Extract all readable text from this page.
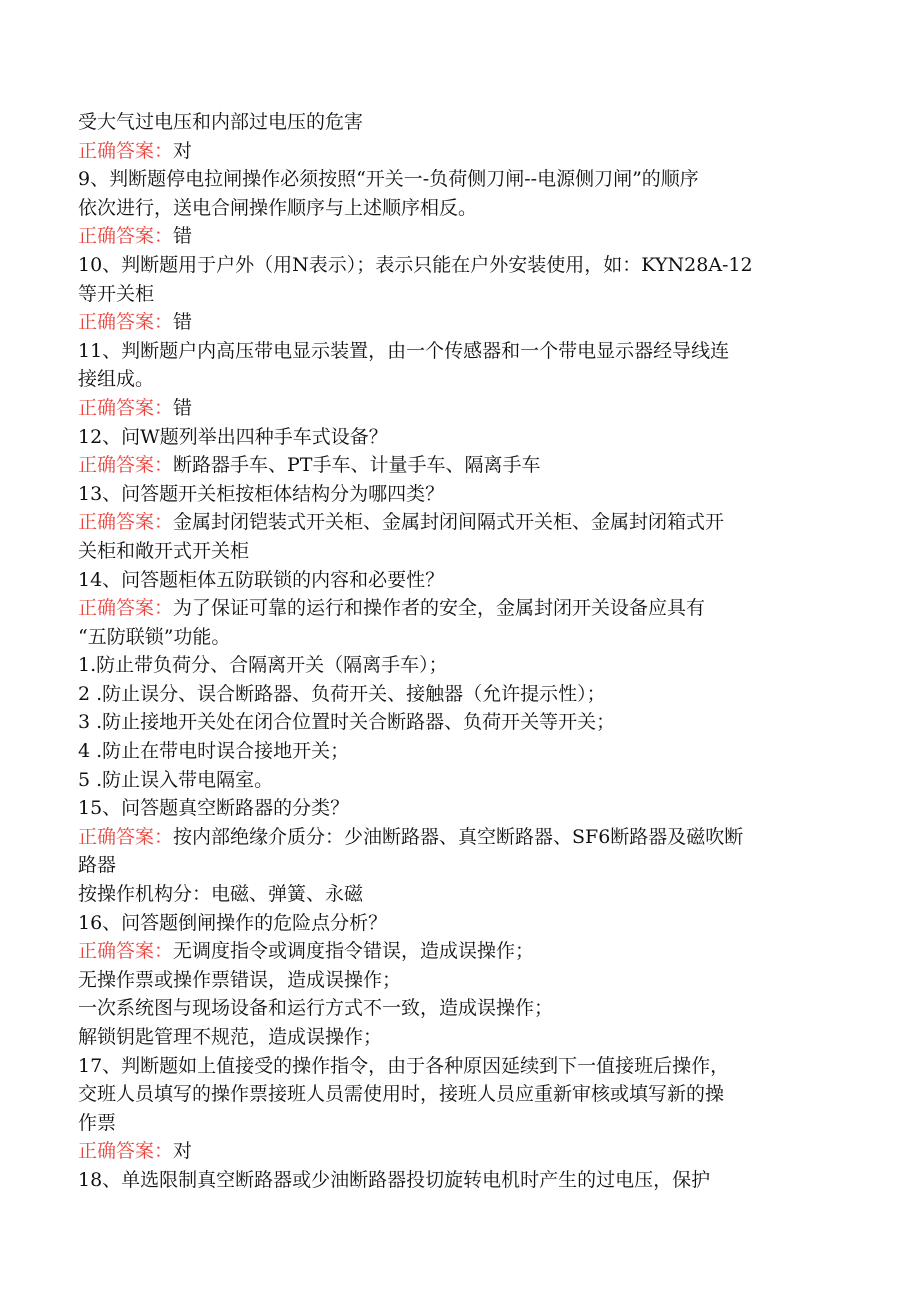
受大气过电压和内部过电压的危害
正确答案：对
9、判断题停电拉闸操作必须按照“开关一-负荷侧刀闸--电源侧刀闸”的顺序
依次进行，送电合闸操作顺序与上述顺序相反。
正确答案：错
10、判断题用于户外（用N表示）；表示只能在户外安装使用，如：KYN28A-12
等开关柜
正确答案：错
11、判断题户内高压带电显示装置，由一个传感器和一个带电显示器经导线连
接组成。
正确答案：错
12、问W题列举出四种手车式设备？
正确答案：断路器手车、PT手车、计量手车、隔离手车
13、问答题开关柜按柜体结构分为哪四类？
正确答案：金属封闭铠装式开关柜、金属封闭间隔式开关柜、金属封闭箱式开
关柜和敞开式开关柜
14、问答题柜体五防联锁的内容和必要性？
正确答案：为了保证可靠的运行和操作者的安全，金属封闭开关设备应具有
“五防联锁”功能。
1.防止带负荷分、合隔离开关（隔离手车）；
2 .防止误分、误合断路器、负荷开关、接触器（允许提示性）；
3 .防止接地开关处在闭合位置时关合断路器、负荷开关等开关；
4 .防止在带电时误合接地开关；
5 .防止误入带电隔室。
15、问答题真空断路器的分类？
正确答案：按内部绝缘介质分：少油断路器、真空断路器、SF6断路器及磁吹断
路器
按操作机构分：电磁、弹簧、永磁
16、问答题倒闸操作的危险点分析？
正确答案：无调度指令或调度指令错误，造成误操作；
无操作票或操作票错误，造成误操作；
一次系统图与现场设备和运行方式不一致，造成误操作；
解锁钥匙管理不规范，造成误操作；
17、判断题如上值接受的操作指令，由于各种原因延续到下一值接班后操作，
交班人员填写的操作票接班人员需使用时，接班人员应重新审核或填写新的操
作票
正确答案：对
18、单选限制真空断路器或少油断路器投切旋转电机时产生的过电压，保护
